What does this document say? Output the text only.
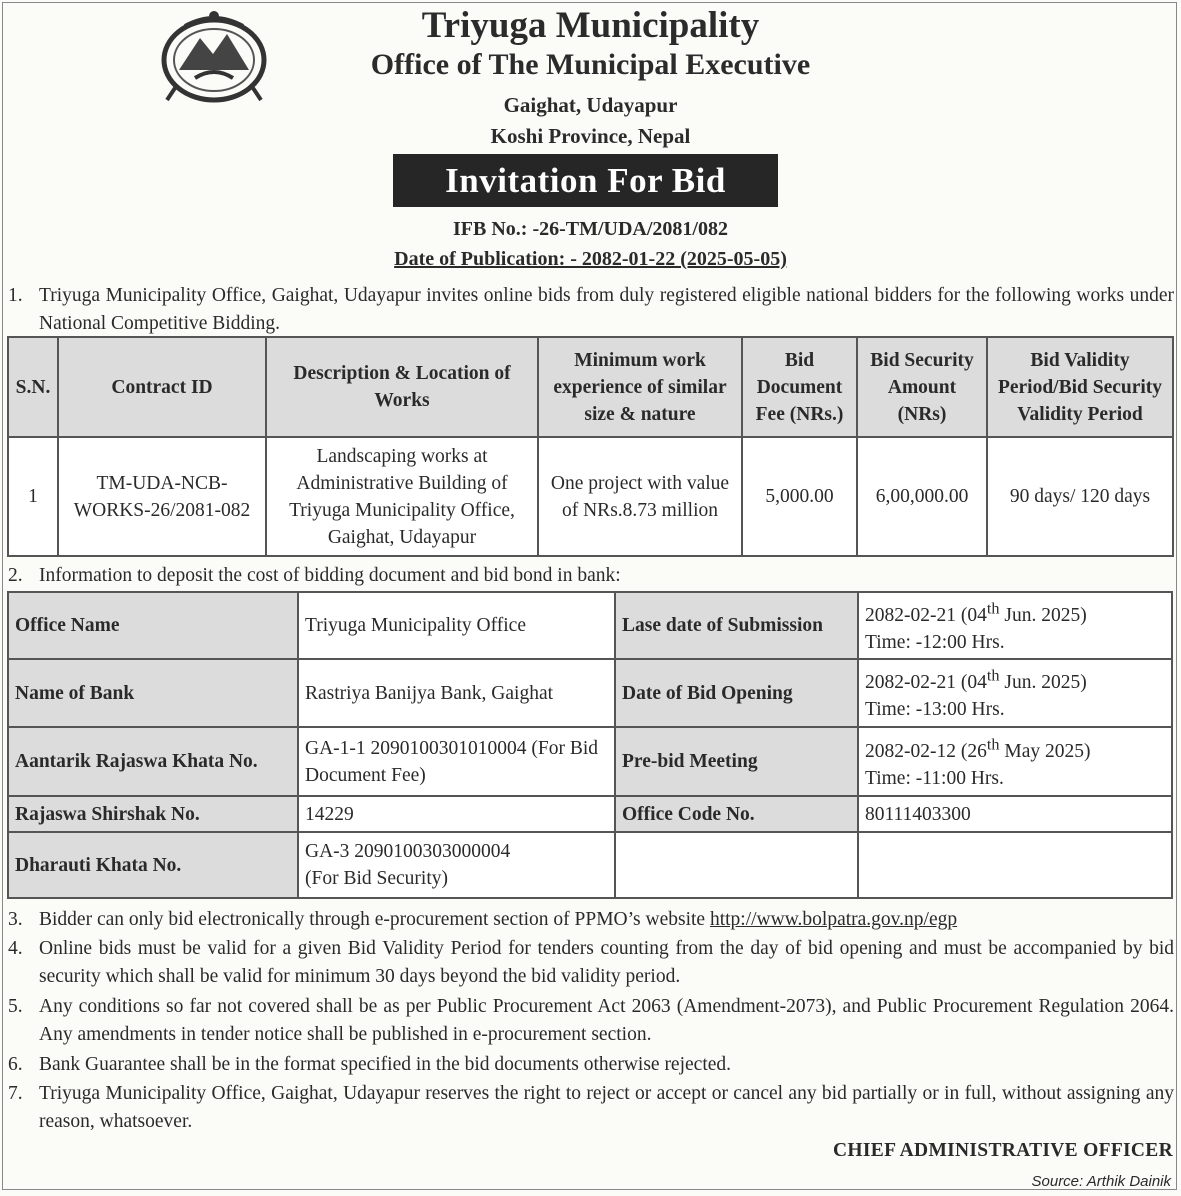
Triyuga Municipality
Office of The Municipal Executive
Gaighat, Udayapur
Koshi Province, Nepal
Invitation For Bid
IFB No.: -26-TM/UDA/2081/082
Date of Publication: - 2082-01-22 (2025-05-05)
1. Triyuga Municipality Office, Gaighat, Udayapur invites online bids from duly registered eligible national bidders for the following works under National Competitive Bidding.
S.N.	Contract ID	Description & Location of Works	Minimum work experience of similar size & nature	Bid Document Fee (NRs.)	Bid Security Amount (NRs)	Bid Validity Period/Bid Security Validity Period
1	TM-UDA-NCB-WORKS-26/2081-082	Landscaping works at Administrative Building of Triyuga Municipality Office, Gaighat, Udayapur	One project with value of NRs.8.73 million	5,000.00	6,00,000.00	90 days/ 120 days
2. Information to deposit the cost of bidding document and bid bond in bank:
Office Name	Triyuga Municipality Office	Lase date of Submission	2082-02-21 (04th Jun. 2025)
Time: -12:00 Hrs.
Name of Bank	Rastriya Banijya Bank, Gaighat	Date of Bid Opening	2082-02-21 (04th Jun. 2025)
Time: -13:00 Hrs.
Aantarik Rajaswa Khata No.	GA-1-1 2090100301010004 (For Bid Document Fee)	Pre-bid Meeting	2082-02-12 (26th May 2025)
Time: -11:00 Hrs.
Rajaswa Shirshak No.	14229	Office Code No.	80111403300
Dharauti Khata No.	GA-3 2090100303000004
(For Bid Security)		
3. Bidder can only bid electronically through e-procurement section of PPMO’s website http://www.bolpatra.gov.np/egp
4. Online bids must be valid for a given Bid Validity Period for tenders counting from the day of bid opening and must be accompanied by bid security which shall be valid for minimum 30 days beyond the bid validity period.
5. Any conditions so far not covered shall be as per Public Procurement Act 2063 (Amendment-2073), and Public Procurement Regulation 2064. Any amendments in tender notice shall be published in e-procurement section.
6. Bank Guarantee shall be in the format specified in the bid documents otherwise rejected.
7. Triyuga Municipality Office, Gaighat, Udayapur reserves the right to reject or accept or cancel any bid partially or in full, without assigning any reason, whatsoever.
CHIEF ADMINISTRATIVE OFFICER
Source: Arthik Dainik
